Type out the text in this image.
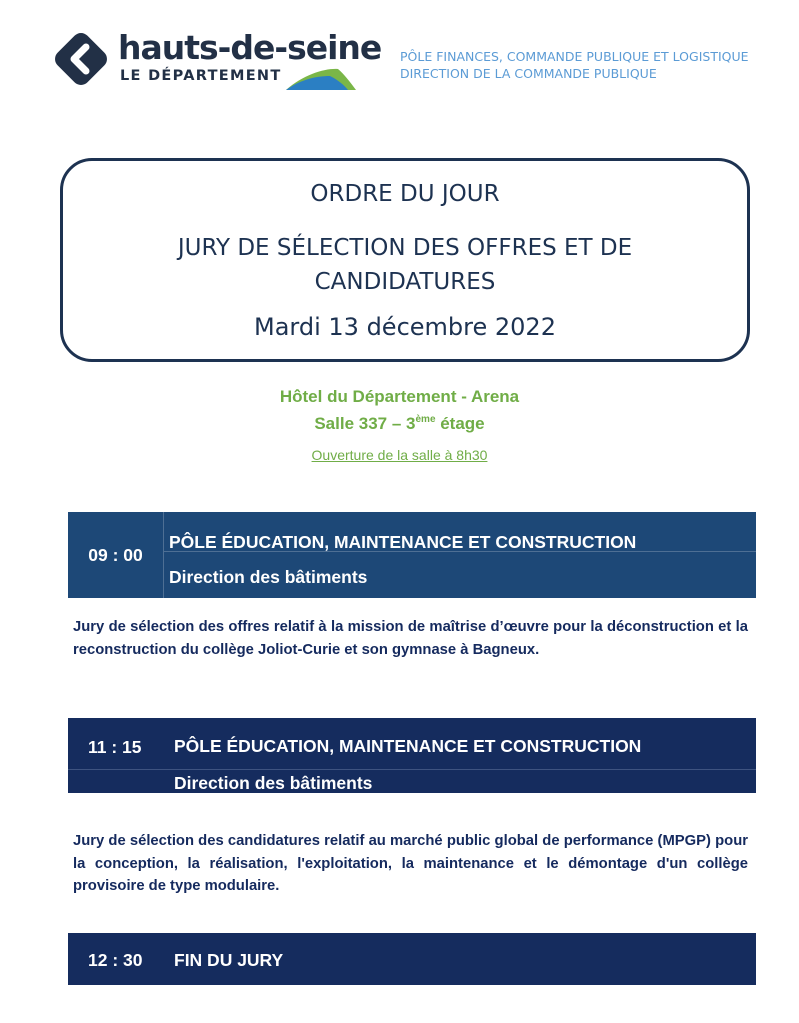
hauts-de-seine
LE DÉPARTEMENT
PÔLE FINANCES, COMMANDE PUBLIQUE ET LOGISTIQUE
DIRECTION DE LA COMMANDE PUBLIQUE
ORDRE DU JOUR
JURY DE SÉLECTION DES OFFRES ET DE CANDIDATURES
Mardi 13 décembre 2022
Hôtel du Département - Arena
Salle 337 – 3ème étage
Ouverture de la salle à 8h30
09 : 00
PÔLE ÉDUCATION, MAINTENANCE ET CONSTRUCTION
Direction des bâtiments
Jury de sélection des offres relatif à la mission de maîtrise d’œuvre pour la déconstruction et la reconstruction du collège Joliot-Curie et son gymnase à Bagneux.
11 : 15 PÔLE ÉDUCATION, MAINTENANCE ET CONSTRUCTION
Direction des bâtiments
Jury de sélection des candidatures relatif au marché public global de performance (MPGP) pour la conception, la réalisation, l'exploitation, la maintenance et le démontage d'un collège provisoire de type modulaire.
12 : 30 FIN DU JURY
